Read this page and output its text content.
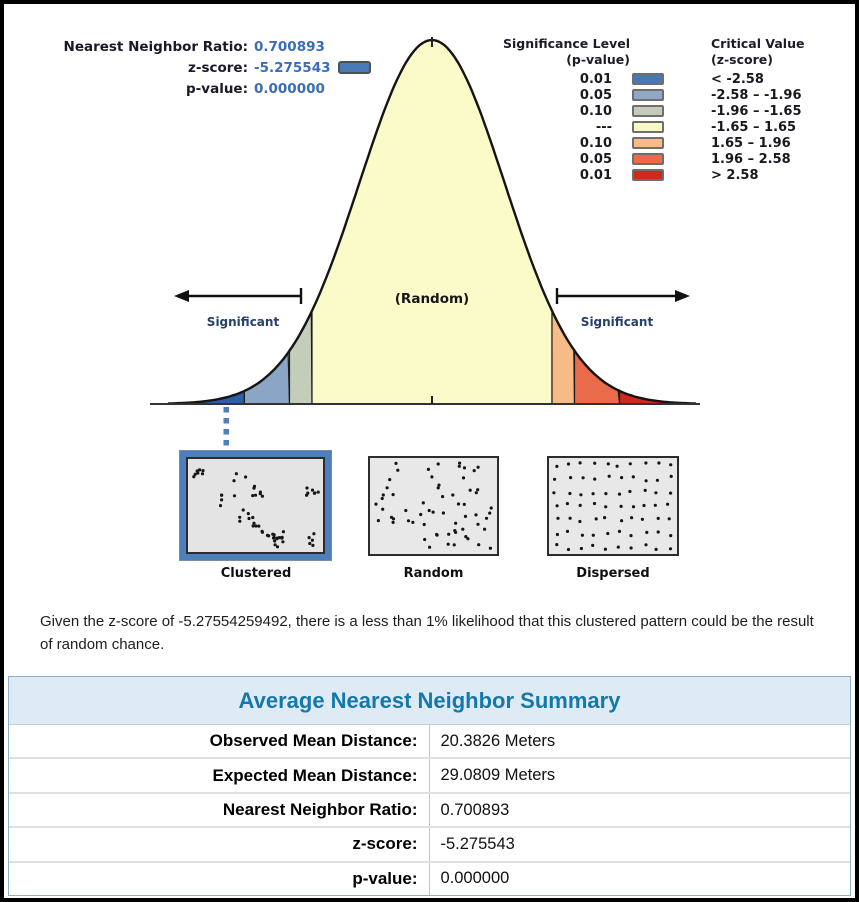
Nearest Neighbor Ratio: 0.700893
z-score: -5.275543
p-value: 0.000000
Significance Level
(p-value)
Critical Value
(z-score)
0.01	< -2.58
0.05	-2.58 – -1.96
0.10	-1.96 – -1.65
---	-1.65 – 1.65
0.10	1.65 – 1.96
0.05	1.96 – 2.58
0.01	> 2.58
(Random)
Significant	Significant
Clustered	Random	Dispersed
Given the z-score of -5.27554259492, there is a less than 1% likelihood that this clustered pattern could be the result of random chance.
Average Nearest Neighbor Summary
Observed Mean Distance:	20.3826 Meters
Expected Mean Distance:	29.0809 Meters
Nearest Neighbor Ratio:	0.700893
z-score:	-5.275543
p-value:	0.000000
